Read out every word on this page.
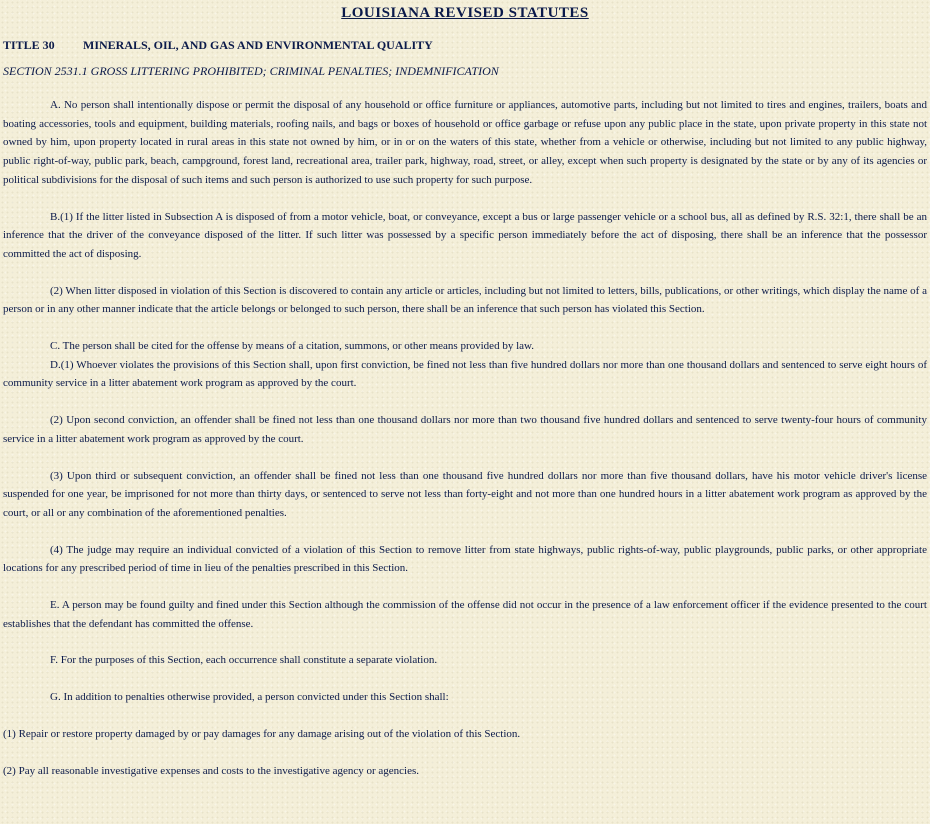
LOUISIANA REVISED STATUTES
TITLE 30	MINERALS, OIL, AND GAS AND ENVIRONMENTAL QUALITY
SECTION 2531.1 GROSS LITTERING PROHIBITED; CRIMINAL PENALTIES; INDEMNIFICATION

A. No person shall intentionally dispose or permit the disposal of any household or office furniture or appliances, automotive parts, including but not limited to tires and engines, trailers, boats and boating accessories, tools and equipment, building materials, roofing nails, and bags or boxes of household or office garbage or refuse upon any public place in the state, upon private property in this state not owned by him, upon property located in rural areas in this state not owned by him, or in or on the waters of this state, whether from a vehicle or otherwise, including but not limited to any public highway, public right-of-way, public park, beach, campground, forest land, recreational area, trailer park, highway, road, street, or alley, except when such property is designated by the state or by any of its agencies or political subdivisions for the disposal of such items and such person is authorized to use such property for such purpose.

B.(1) If the litter listed in Subsection A is disposed of from a motor vehicle, boat, or conveyance, except a bus or large passenger vehicle or a school bus, all as defined by R.S. 32:1, there shall be an inference that the driver of the conveyance disposed of the litter. If such litter was possessed by a specific person immediately before the act of disposing, there shall be an inference that the possessor committed the act of disposing.

(2) When litter disposed in violation of this Section is discovered to contain any article or articles, including but not limited to letters, bills, publications, or other writings, which display the name of a person or in any other manner indicate that the article belongs or belonged to such person, there shall be an inference that such person has violated this Section.

C. The person shall be cited for the offense by means of a citation, summons, or other means provided by law.

D.(1) Whoever violates the provisions of this Section shall, upon first conviction, be fined not less than five hundred dollars nor more than one thousand dollars and sentenced to serve eight hours of community service in a litter abatement work program as approved by the court.

(2) Upon second conviction, an offender shall be fined not less than one thousand dollars nor more than two thousand five hundred dollars and sentenced to serve twenty-four hours of community service in a litter abatement work program as approved by the court.

(3) Upon third or subsequent conviction, an offender shall be fined not less than one thousand five hundred dollars nor more than five thousand dollars, have his motor vehicle driver's license suspended for one year, be imprisoned for not more than thirty days, or sentenced to serve not less than forty-eight and not more than one hundred hours in a litter abatement work program as approved by the court, or all or any combination of the aforementioned penalties.

(4) The judge may require an individual convicted of a violation of this Section to remove litter from state highways, public rights-of-way, public playgrounds, public parks, or other appropriate locations for any prescribed period of time in lieu of the penalties prescribed in this Section.

E. A person may be found guilty and fined under this Section although the commission of the offense did not occur in the presence of a law enforcement officer if the evidence presented to the court establishes that the defendant has committed the offense.

F. For the purposes of this Section, each occurrence shall constitute a separate violation.

G. In addition to penalties otherwise provided, a person convicted under this Section shall:

(1) Repair or restore property damaged by or pay damages for any damage arising out of the violation of this Section.

(2) Pay all reasonable investigative expenses and costs to the investigative agency or agencies.
